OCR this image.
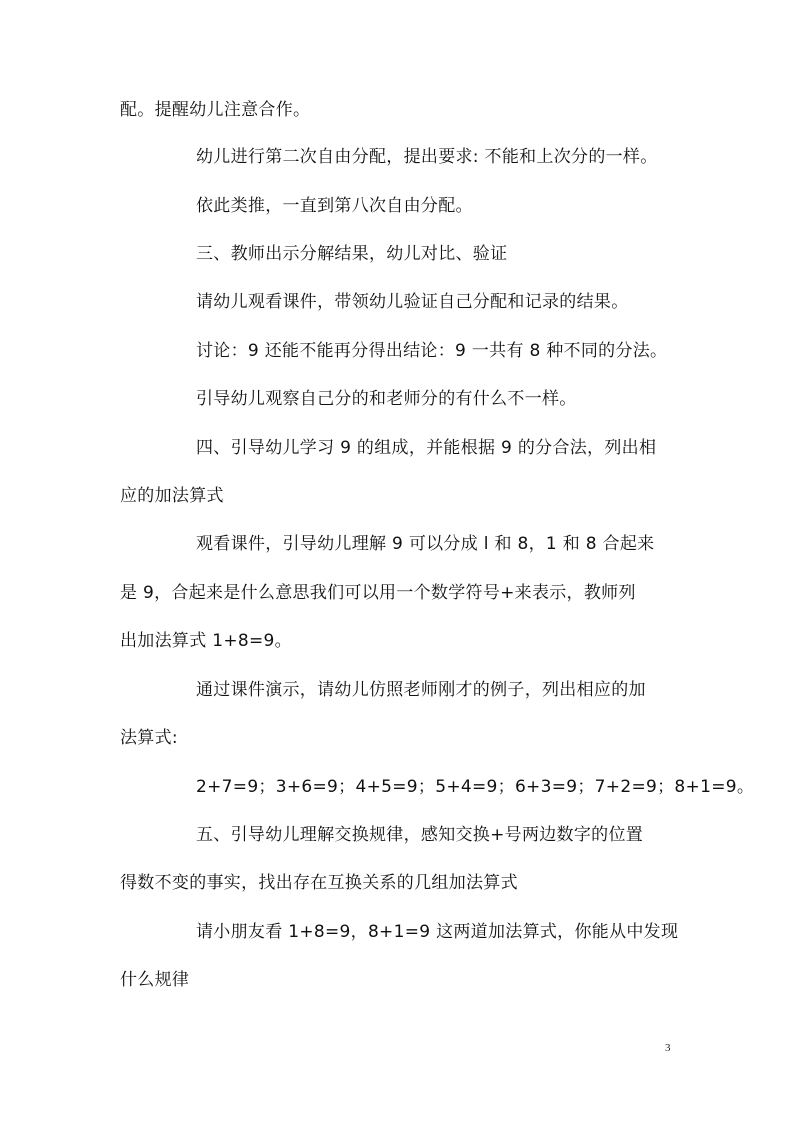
配。提醒幼儿注意合作。
幼儿进行第二次自由分配，提出要求: 不能和上次分的一样。
依此类推，一直到第八次自由分配。
三、教师出示分解结果，幼儿对比、验证
请幼儿观看课件，带领幼儿验证自己分配和记录的结果。
讨论：9 还能不能再分得出结论：9 一共有 8 种不同的分法。
引导幼儿观察自己分的和老师分的有什么不一样。
四、引导幼儿学习 9 的组成，并能根据 9 的分合法，列出相
应的加法算式
观看课件，引导幼儿理解 9 可以分成 l 和 8，1 和 8 合起来
是 9，合起来是什么意思我们可以用一个数学符号+来表示，教师列
出加法算式 1+8=9。
通过课件演示，请幼儿仿照老师刚才的例子，列出相应的加
法算式:
2+7=9；3+6=9；4+5=9；5+4=9；6+3=9；7+2=9；8+1=9。
五、引导幼儿理解交换规律，感知交换+号两边数字的位置
得数不变的事实，找出存在互换关系的几组加法算式
请小朋友看 1+8=9，8+1=9 这两道加法算式，你能从中发现
什么规律
3
